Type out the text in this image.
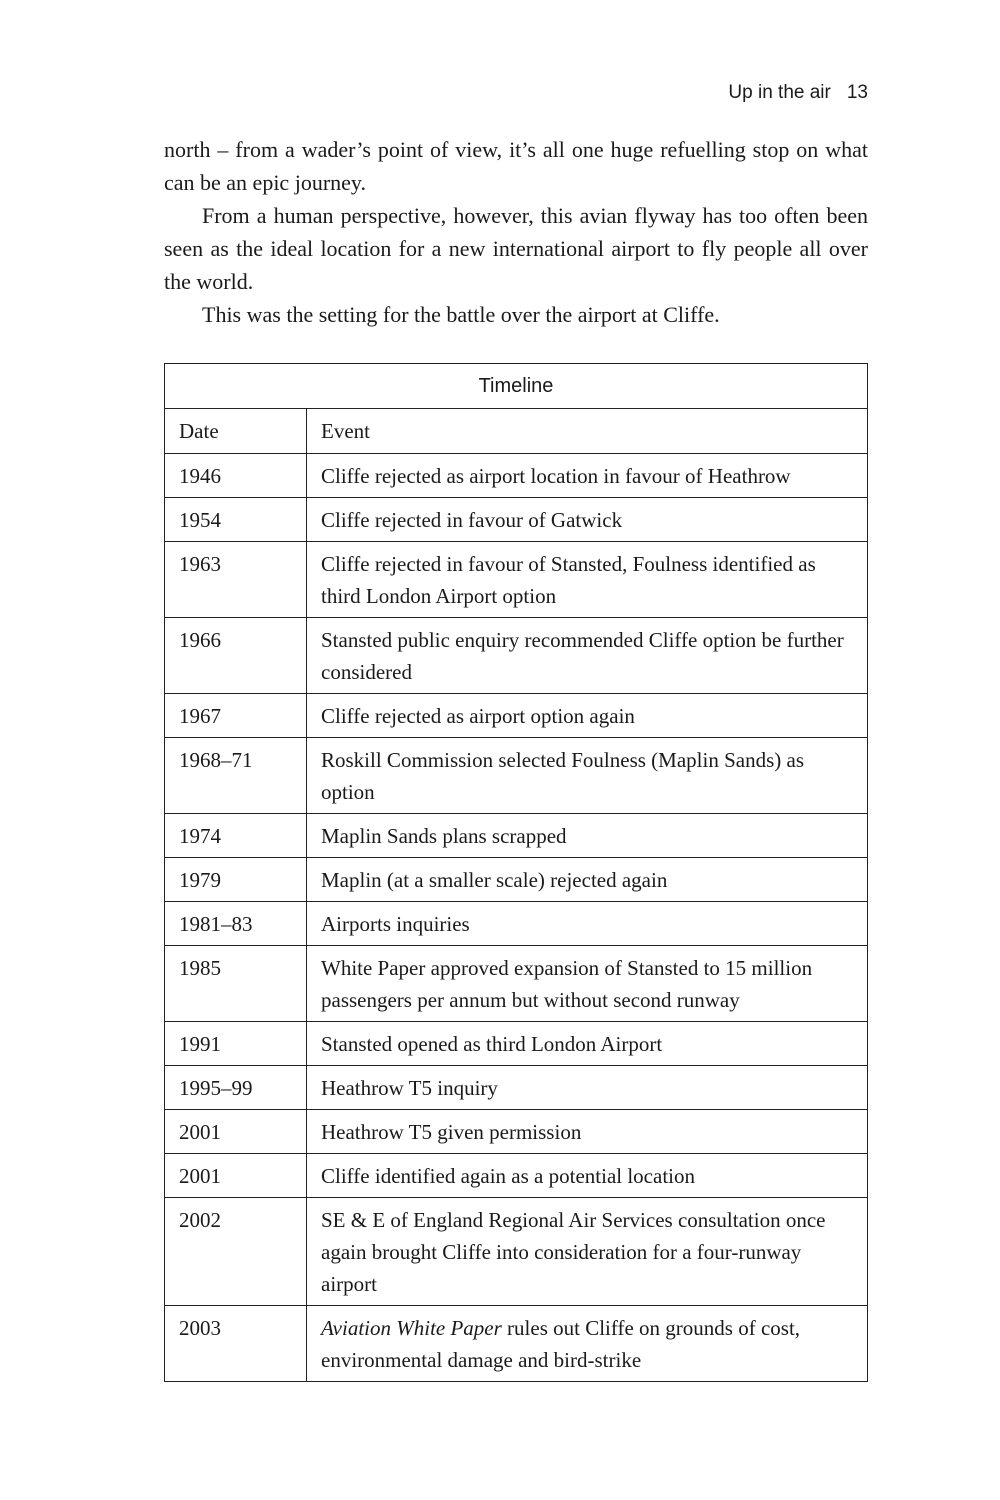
Up in the air 13

north – from a wader’s point of view, it’s all one huge refuelling stop on what can be an epic journey.

From a human perspective, however, this avian flyway has too often been seen as the ideal location for a new international airport to fly people all over the world.

This was the setting for the battle over the airport at Cliffe.

Timeline	
Date	Event
1946	Cliffe rejected as airport location in favour of Heathrow
1954	Cliffe rejected in favour of Gatwick
1963	Cliffe rejected in favour of Stansted, Foulness identified as third London Airport option
1966	Stansted public enquiry recommended Cliffe option be further considered
1967	Cliffe rejected as airport option again
1968–71	Roskill Commission selected Foulness (Maplin Sands) as option
1974	Maplin Sands plans scrapped
1979	Maplin (at a smaller scale) rejected again
1981–83	Airports inquiries
1985	White Paper approved expansion of Stansted to 15 million passengers per annum but without second runway
1991	Stansted opened as third London Airport
1995–99	Heathrow T5 inquiry
2001	Heathrow T5 given permission
2001	Cliffe identified again as a potential location
2002	SE & E of England Regional Air Services consultation once again brought Cliffe into consideration for a four-runway airport
2003	Aviation White Paper rules out Cliffe on grounds of cost, environmental damage and bird-strike
